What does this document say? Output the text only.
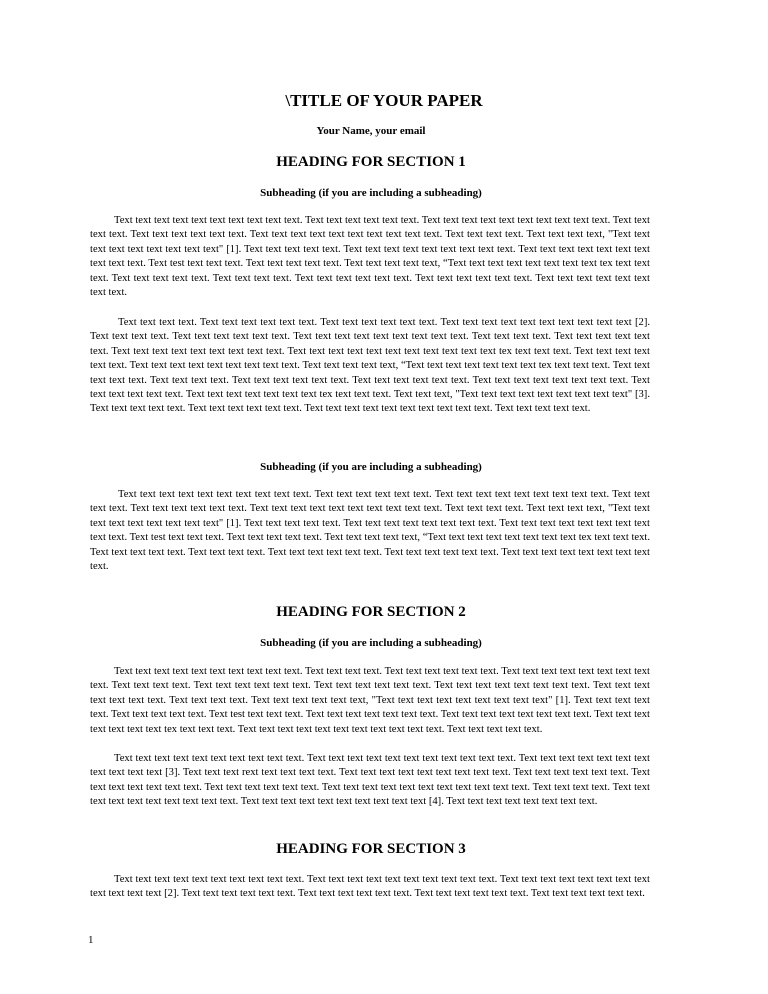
\TITLE OF YOUR PAPER
Your Name, your email
HEADING FOR SECTION 1
Subheading (if you are including a subheading)

Text text text text text text text text text text. Text text text text text text. Text text text text text text text text text text. Text text text text. Text text text text text text. Text text text text text text text text text text. Text text text text. Text text text text, "Text text text text text text text text text" [1]. Text text text text text. Text text text text text text text text text. Text text text text text text text text text text. Text test text text text. Text text text text text. Text text text text text, “Text text text text text text text text tex text text text. Text text text text text. Text text text text. Text text text text text text. Text text text text text text. Text text text text text text text text.

Text text text text. Text text text text text text. Text text text text text text. Text text text text text text text text text text [2]. Text text text text. Text text text text text text. Text text text text text text text text text. Text text text text. Text text text text text text. Text text text text text text text text text. Text text text text text text text text text text text tex text text text. Text text text text text text. Text text text text text text text text text. Text text text text text, “Text text text text text text text tex text text text. Text text text text text. Text text text text. Text text text text text text. Text text text text text text. Text text text text text text text text. Text text text text text text. Text text text text text text text tex text text text. Text text text, "Text text text text text text text text text" [3]. Text text text text text. Text text text text text text. Text text text text text text text text text text. Text text text text text.

Subheading (if you are including a subheading)

Text text text text text text text text text text. Text text text text text text. Text text text text text text text text text. Text text text text. Text text text text text text. Text text text text text text text text text text. Text text text text. Text text text text, "Text text text text text text text text text" [1]. Text text text text text. Text text text text text text text text. Text text text text text text text text text text. Text test text text text. Text text text text text. Text text text text text, “Text text text text text text text text tex text text text. Text text text text text. Text text text text. Text text text text text text. Text text text text text text. Text text text text text text text text text.

HEADING FOR SECTION 2
Subheading (if you are including a subheading)

Text text text text text text text text text text. Text text text text. Text text text text text text. Text text text text text text text text text. Text text text text. Text text text text text text. Text text text text text text. Text text text text text text text text. Text text text text text text text. Text text text text. Text text text text text text, "Text text text text text text text text text" [1]. Text text text text text. Text text text text text. Text test text text text. Text text text text text text text. Text text text text text text text text. Text text text text text text text tex text text text. Text text text text text text text text text text text. Text text text text text.

Text text text text text text text text text text. Text text text text text text text text text text text. Text text text text text text text text text text text [3]. Text text text rext text text text text. Text text text text text text text text text. Text text text text text text. Text text text text text text text. Text text text text text text. Text text text text text text text text text text text. Text text text text. Text text text text text text text text text text. Text text text text text text text text text text [4]. Text text text text text text text text.

HEADING FOR SECTION 3

Text text text text text text text text text text. Text text text text text text text text text text. Text text text text text text text text text text text text [2]. Text text text text text text. Text text text text text text. Text text text text text text. Text text text text text text.

1
